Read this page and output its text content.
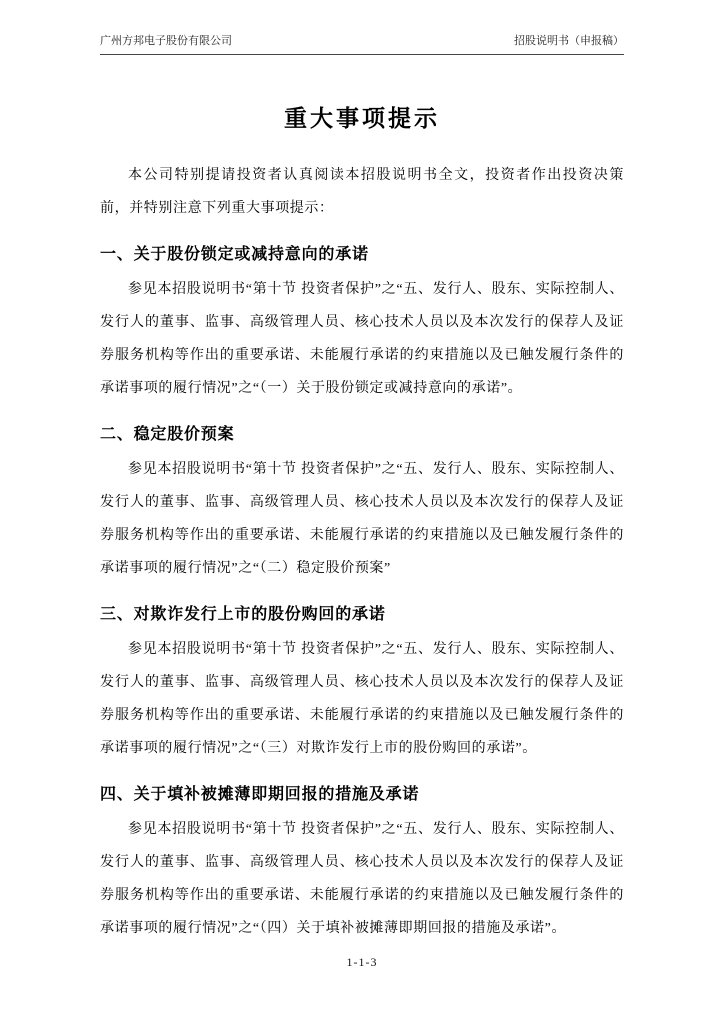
广州方邦电子股份有限公司	招股说明书（申报稿）
重大事项提示

本公司特别提请投资者认真阅读本招股说明书全文，投资者作出投资决策前，并特别注意下列重大事项提示：

一、关于股份锁定或减持意向的承诺

参见本招股说明书“第十节 投资者保护”之“五、发行人、股东、实际控制人、发行人的董事、监事、高级管理人员、核心技术人员以及本次发行的保荐人及证券服务机构等作出的重要承诺、未能履行承诺的约束措施以及已触发履行条件的承诺事项的履行情况”之“（一）关于股份锁定或减持意向的承诺”。

二、稳定股价预案

参见本招股说明书“第十节 投资者保护”之“五、发行人、股东、实际控制人、发行人的董事、监事、高级管理人员、核心技术人员以及本次发行的保荐人及证券服务机构等作出的重要承诺、未能履行承诺的约束措施以及已触发履行条件的承诺事项的履行情况”之“（二）稳定股价预案”

三、对欺诈发行上市的股份购回的承诺

参见本招股说明书“第十节 投资者保护”之“五、发行人、股东、实际控制人、发行人的董事、监事、高级管理人员、核心技术人员以及本次发行的保荐人及证券服务机构等作出的重要承诺、未能履行承诺的约束措施以及已触发履行条件的承诺事项的履行情况”之“（三）对欺诈发行上市的股份购回的承诺”。

四、关于填补被摊薄即期回报的措施及承诺

参见本招股说明书“第十节 投资者保护”之“五、发行人、股东、实际控制人、发行人的董事、监事、高级管理人员、核心技术人员以及本次发行的保荐人及证券服务机构等作出的重要承诺、未能履行承诺的约束措施以及已触发履行条件的承诺事项的履行情况”之“（四）关于填补被摊薄即期回报的措施及承诺”。

1-1-3
